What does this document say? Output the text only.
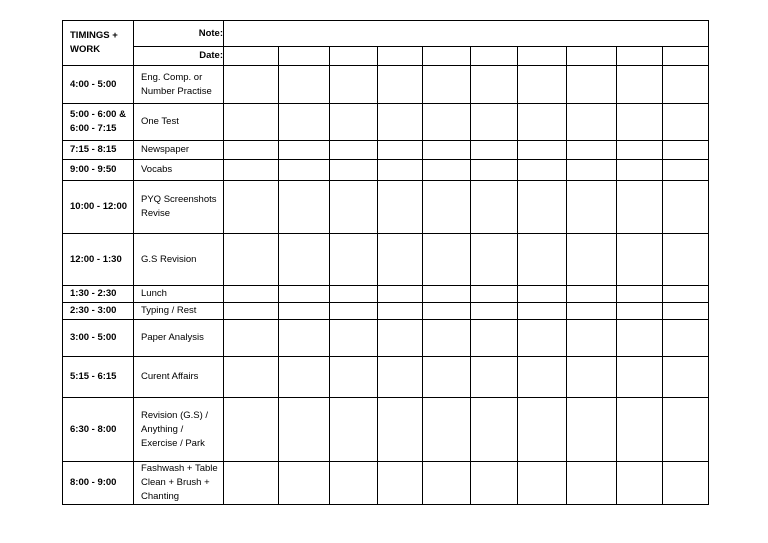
TIMINGS +
WORK	Note:										
	Date:										
4:00 - 5:00	Eng. Comp. or
Number Practise										
5:00 - 6:00 &
6:00 - 7:15	One Test										
7:15 - 8:15	Newspaper										
9:00 - 9:50	Vocabs										
10:00 - 12:00	PYQ Screenshots
Revise										
12:00 - 1:30	G.S Revision										
1:30 - 2:30	Lunch										
2:30 - 3:00	Typing / Rest										
3:00 - 5:00	Paper Analysis										
5:15 - 6:15	Curent Affairs										
6:30 - 8:00	Revision (G.S) /
Anything /
Exercise / Park										
8:00 - 9:00	Fashwash + Table
Clean + Brush +
Chanting										
